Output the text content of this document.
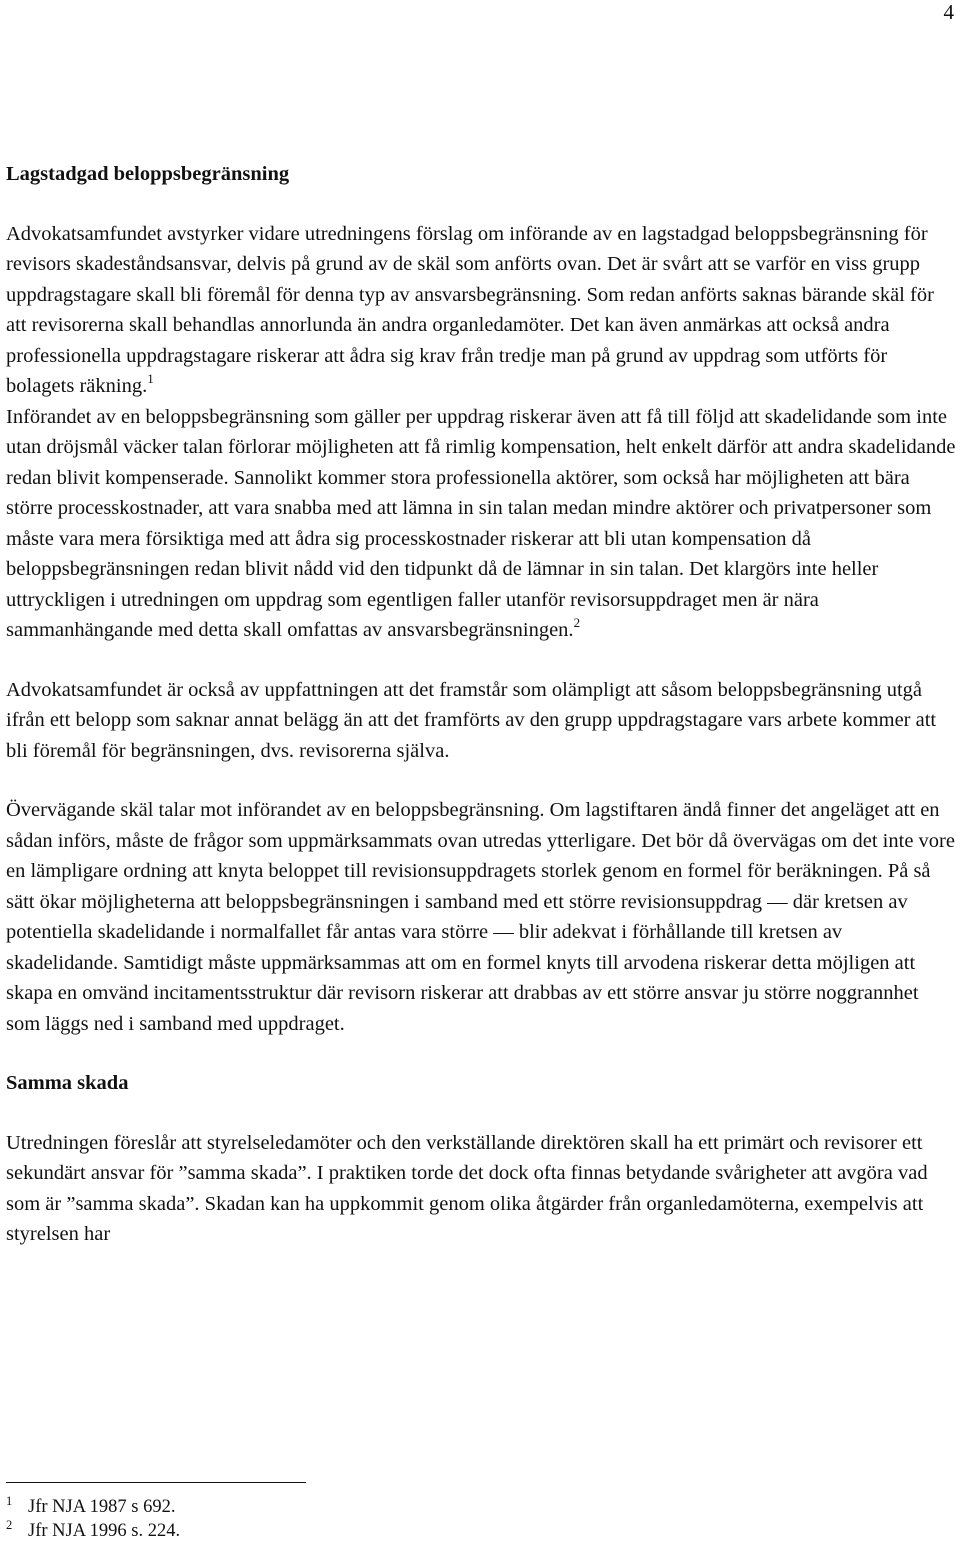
4
Lagstadgad beloppsbegränsning

Advokatsamfundet avstyrker vidare utredningens förslag om införande av en lagstadgad beloppsbegränsning för revisors skadeståndsansvar, delvis på grund av de skäl som anförts ovan. Det är svårt att se varför en viss grupp uppdragstagare skall bli föremål för denna typ av ansvarsbegränsning. Som redan anförts saknas bärande skäl för att revisorerna skall behandlas annorlunda än andra organledamöter. Det kan även anmärkas att också andra professionella uppdragstagare riskerar att ådra sig krav från tredje man på grund av uppdrag som utförts för bolagets räkning.$^1$

Införandet av en beloppsbegränsning som gäller per uppdrag riskerar även att få till följd att skadelidande som inte utan dröjsmål väcker talan förlorar möjligheten att få rimlig kompensation, helt enkelt därför att andra skadelidande redan blivit kompenserade. Sannolikt kommer stora professionella aktörer, som också har möjligheten att bära större processkostnader, att vara snabba med att lämna in sin talan medan mindre aktörer och privatpersoner som måste vara mera försiktiga med att ådra sig processkostnader riskerar att bli utan kompensation då beloppsbegränsningen redan blivit nådd vid den tidpunkt då de lämnar in sin talan. Det klargörs inte heller uttryckligen i utredningen om uppdrag som egentligen faller utanför revisorsuppdraget men är nära sammanhängande med detta skall omfattas av ansvarsbegränsningen.$^2$

Advokatsamfundet är också av uppfattningen att det framstår som olämpligt att såsom beloppsbegränsning utgå ifrån ett belopp som saknar annat belägg än att det framförts av den grupp uppdragstagare vars arbete kommer att bli föremål för begränsningen, dvs. revisorerna själva.

Övervägande skäl talar mot införandet av en beloppsbegränsning. Om lagstiftaren ändå finner det angeläget att en sådan införs, måste de frågor som uppmärksammats ovan utredas ytterligare. Det bör då övervägas om det inte vore en lämpligare ordning att knyta beloppet till revisionsuppdragets storlek genom en formel för beräkningen. På så sätt ökar möjligheterna att beloppsbegränsningen i samband med ett större revisionsuppdrag –– där kretsen av potentiella skadelidande i normalfallet får antas vara större –– blir adekvat i förhållande till kretsen av skadelidande. Samtidigt måste uppmärksammas att om en formel knyts till arvodena riskerar detta möjligen att skapa en omvänd incitamentsstruktur där revisorn riskerar att drabbas av ett större ansvar ju större noggrannhet som läggs ned i samband med uppdraget.

Samma skada

Utredningen föreslår att styrelseledamöter och den verkställande direktören skall ha ett primärt och revisorer ett sekundärt ansvar för ”samma skada”. I praktiken torde det dock ofta finnas betydande svårigheter att avgöra vad som är ”samma skada”. Skadan kan ha uppkommit genom olika åtgärder från organledamöterna, exempelvis att styrelsen har

1 Jfr NJA 1987 s 692.
2 Jfr NJA 1996 s. 224.
